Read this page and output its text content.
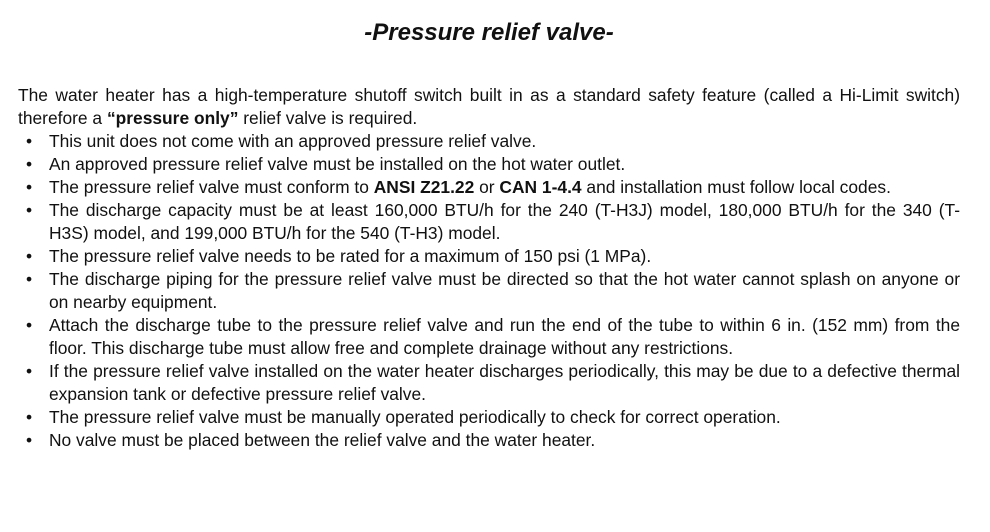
-Pressure relief valve-

The water heater has a high-temperature shutoff switch built in as a standard safety feature (called a Hi-Limit switch) therefore a “pressure only” relief valve is required.

• This unit does not come with an approved pressure relief valve.
• An approved pressure relief valve must be installed on the hot water outlet.
• The pressure relief valve must conform to ANSI Z21.22 or CAN 1-4.4 and installation must follow local codes.
• The discharge capacity must be at least 160,000 BTU/h for the 240 (T-H3J) model, 180,000 BTU/h for the 340 (T-H3S) model, and 199,000 BTU/h for the 540 (T-H3) model.
• The pressure relief valve needs to be rated for a maximum of 150 psi (1 MPa).
• The discharge piping for the pressure relief valve must be directed so that the hot water cannot splash on anyone or on nearby equipment.
• Attach the discharge tube to the pressure relief valve and run the end of the tube to within 6 in. (152 mm) from the floor. This discharge tube must allow free and complete drainage without any restrictions.
• If the pressure relief valve installed on the water heater discharges periodically, this may be due to a defective thermal expansion tank or defective pressure relief valve.
• The pressure relief valve must be manually operated periodically to check for correct operation.
• No valve must be placed between the relief valve and the water heater.
